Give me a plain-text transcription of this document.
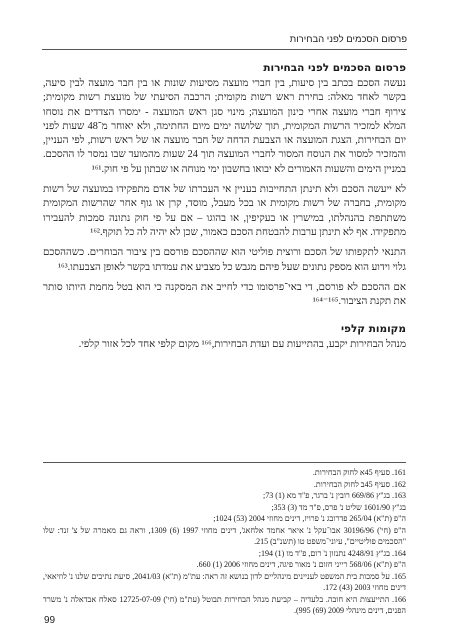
פרסום הסכמים לפני הבחירות
פרסום הסכמים לפני הבחירות

נעשה הסכם בכתב בין סיעות, בין חברי מועצה מסיעות שונות או בין חבר מועצה לבין סיעה, בקשר לאחד מאלה: בחירת ראש רשות מקומית; הרכבה הסיעתי של מועצת רשות מקומית; צירוף חברי מועצה אחרי כינון המועצה; מינוי סגן ראש המועצה - ימסרו הצדדים את נוסחו המלא למזכיר הרשות המקומית, תוך שלושה ימים מיום החתימה, ולא יאוחר מ־48 שעות לפני יום הבחירות, הצגת המועצה או הצבעת הדחה של חבר מועצה או של ראש רשות, לפי העניין, והמזכיר למסור את הנוסח המסור לחברי המועצה תוך 24 שעות מהמועד שבו נמסר לו ההסכם. במניין הימים והשעות האמורים לא יבואו בחשבון ימי מנוחה או שבתון על פי חוק.¹⁶¹

לא ייעשה הסכם ולא תינתן התחייבות בעניין אי העברתו של אדם מתפקידו במועצה של רשות מקומית, בחברה של רשות מקומית או בכל מעבל, מוסד, קרן או גוף אחר שהרשות המקומית משתתפת בהנהלתו, במישרין או בעקיפין, או בהוגו – אם על פי חוק נתונה סמכות להעבירו מתפקידו. אף לא תינתן ערבות להבטחת הסכם כאמור, שכן לא יהיה לה כל תוקף.¹⁶²

התנאי לתקפותו של הסכם ורוצית פוליטי הוא שההסכם פורסם בין ציבור הבוחרים. כשההסכם גלוי וידוע הוא מספק נתונים שעל פיהם מגבש כל מצביע את עמדתו בקשר לאופן הצבעתו.¹⁶³

אם ההסכם לא פורסם, די באי־פרסומו כדי לחייב את המסקנה כי הוא בטל מחמת היותו סותר את תקנת הציבור.¹⁶⁴⁻¹⁶⁵

מקומות קלפי

מנהל הבחירות יקבע, בהתייעות עם ועדת הבחירות,¹⁶⁶ מקום קלפי אחד לכל אזור קלפי.

161. סעיף 45א לחוק הבחירות.
162. סעיף 45ב לחוק הבחירות.
163. בג"ץ 669/86 רובין נ' ברגר, פ"ד מא (1) 73;
בג"ץ 1601/90 שליט נ' פרס, פ"ד מד (3) 353;
ה"פ (ת"א) 265/04 פדרובג נ' פרויז, דינים מחוזי 2004 (53) 1024;
ה"פ (חי') 30196/96 אבו־עקל נ' איאר אחמד אלחאג', דינים מחוזי 1997 (6) 1309, וראה גם מאמרה של צ' זנד: שלו "הסכמים פוליטיים", עיוני־משפט טו (תשנ"ב) 215.
164. בג"ץ 4248/91 נתנזון נ' רום, פ"ד מו (1) 194;
ה"פ (ת"א) 568/06 רייני חזום נ' מאור פיגה, דינים מחוזי 2006 (1) 660.
165. על סמכות בית המשפט לעניינים מינהליים לדון בנושא זה ראה: עת"מ (ת"א) 2041/03, סיעת נתיבים שלנו נ' לוזיאאי, דינים מחוזי 2003 (43) 172.
166. התייעצות היא חובה. בלעדיה – קביעת מנהל הבחירות תבוטל (עת"מ (חי') 12725-07-09 סאלח אבדאלה נ' משרד הפנים, דינים מינהלי 2009 (69) 995).
99
